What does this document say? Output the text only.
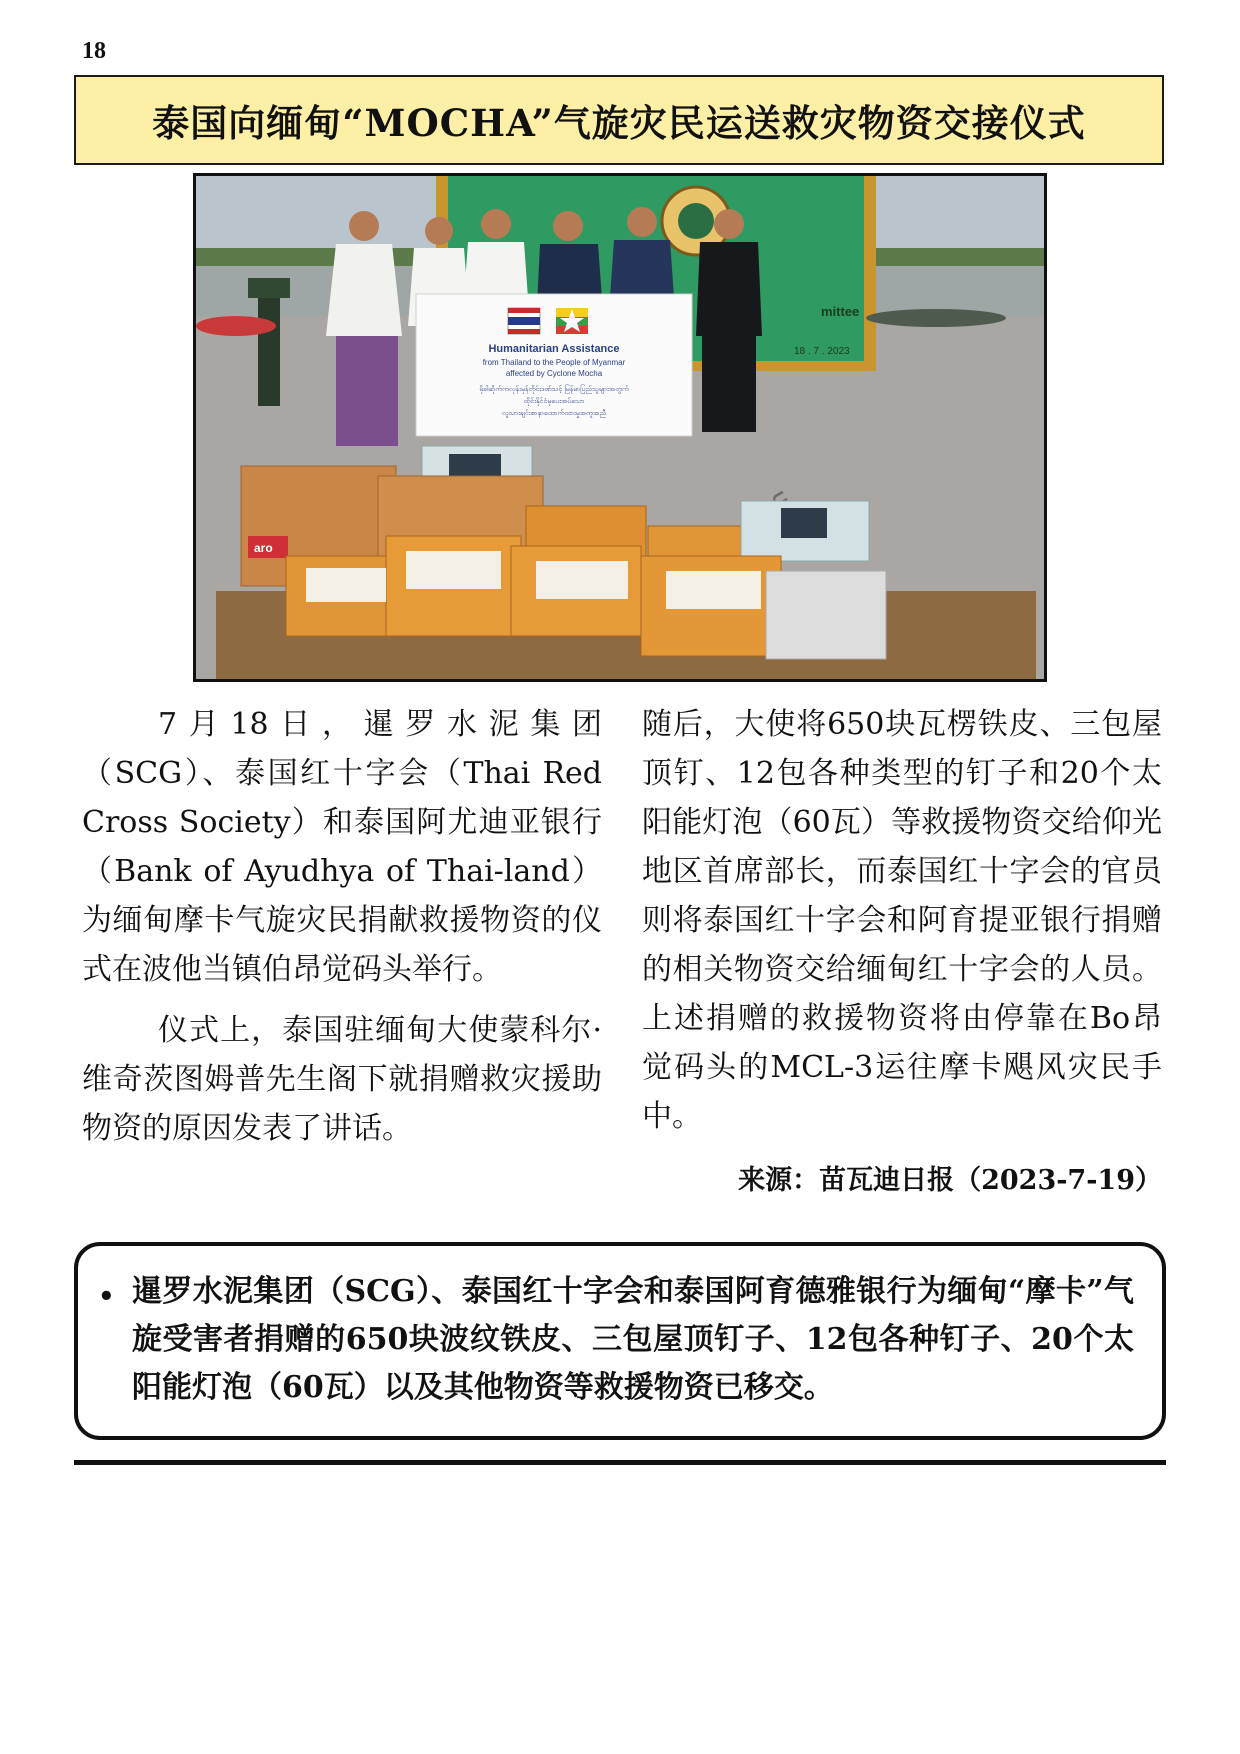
18
泰国向缅甸“MOCHA”气旋灾民运送救灾物资交接仪式
mittee
18 . 7 . 2023
Humanitarian Assistance
from Thailand to the People of Myanmar
affected by Cyclone Mocha
မိုခါဆိုက်ကလုန်းမုန်တိုင်းဒဏ်သင့် မြန်မာပြည်သူများအတွက်
ထိုင်းနိုင်ငံမှပေးအပ်သော
လူသားချင်းစာနာထောက်ထားမှုအကူအညီ
aro

7月18日，暹罗水泥集团（SCG）、泰国红十字会（Thai Red Cross Society）和泰国阿尤迪亚银行（Bank of Ayudhya of Thai-land）为缅甸摩卡气旋灾民捐献救援物资的仪式在波他当镇伯昂觉码头举行。

仪式上，泰国驻缅甸大使蒙科尔·维奇茨图姆普先生阁下就捐赠救灾援助物资的原因发表了讲话。

随后，大使将650块瓦楞铁皮、三包屋顶钉、12包各种类型的钉子和20个太阳能灯泡（60瓦）等救援物资交给仰光地区首席部长，而泰国红十字会的官员则将泰国红十字会和阿育提亚银行捐赠的相关物资交给缅甸红十字会的人员。上述捐赠的救援物资将由停靠在Bo昂觉码头的MCL-3运往摩卡飓风灾民手中。

来源：苗瓦迪日报（2023-7-19）
• 暹罗水泥集团（SCG）、泰国红十字会和泰国阿育德雅银行为缅甸“摩卡”气旋受害者捐赠的650块波纹铁皮、三包屋顶钉子、12包各种钉子、20个太阳能灯泡（60瓦）以及其他物资等救援物资已移交。
